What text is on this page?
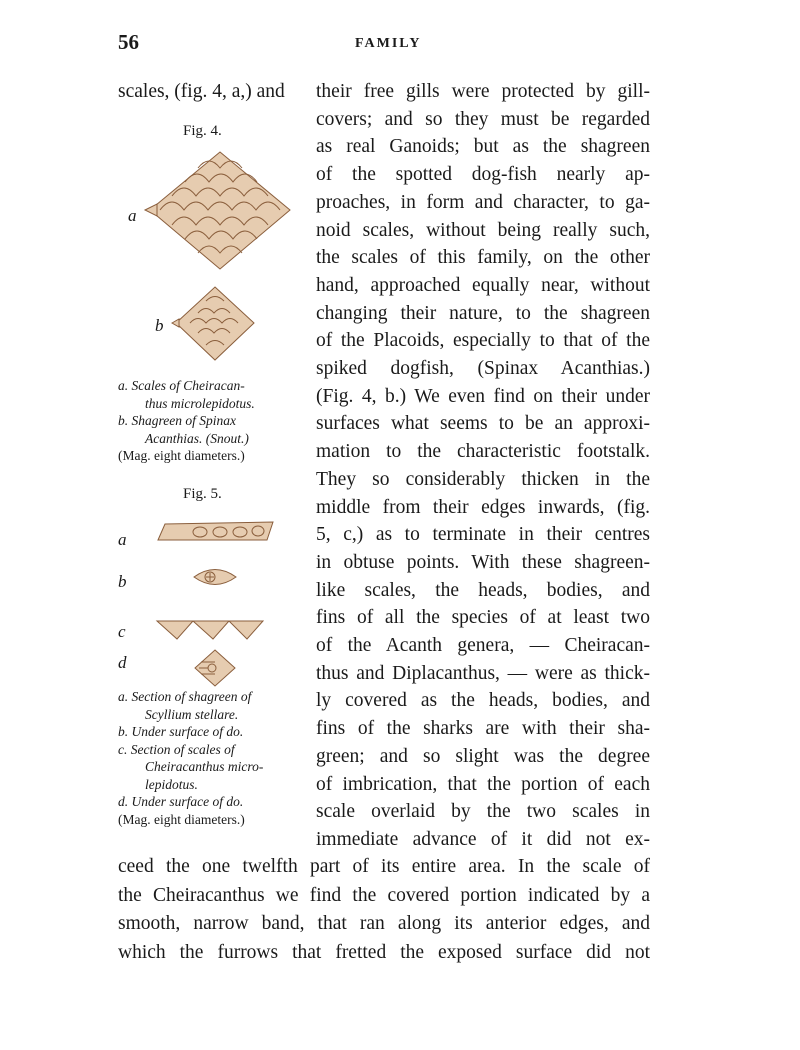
56	FAMILY
scales, (fig. 4, a,) and their free gills were protected by gill-
covers; and so they must be regarded
as real Ganoids; but as the shagreen
of the spotted dog-fish nearly ap-
proaches, in form and character, to ga-
noid scales, without being really such,
the scales of this family, on the other
hand, approached equally near, without
changing their nature, to the shagreen
of the Placoids, especially to that of the
spiked dogfish, (Spinax Acanthias.)
(Fig. 4, b.) We even find on their under
surfaces what seems to be an approxi-
mation to the characteristic footstalk.
They so considerably thicken in the
middle from their edges inwards, (fig.
5, c,) as to terminate in their centres
in obtuse points. With these shagreen-
like scales, the heads, bodies, and
fins of all the species of at least two
of the Acanth genera, — Cheiracan-
thus and Diplacanthus, — were as thick-
ly covered as the heads, bodies, and
fins of the sharks are with their sha-
green; and so slight was the degree
of imbrication, that the portion of each
scale overlaid by the two scales in
immediate advance of it did not ex-
ceed the one twelfth part of its entire area. In the scale of
the Cheiracanthus we find the covered portion indicated by a
smooth, narrow band, that ran along its anterior edges, and
which the furrows that fretted the exposed surface did not
Fig. 4.
a
b
a. Scales of Cheiracan-
thus microlepidotus.
b. Shagreen of Spinax
Acanthias. (Snout.)
(Mag. eight diameters.)
Fig. 5.
a
b
c
d
a. Section of shagreen of
Scyllium stellare.
b. Under surface of do.
c. Section of scales of
Cheiracanthus micro-
lepidotus.
d. Under surface of do.
(Mag. eight diameters.)
